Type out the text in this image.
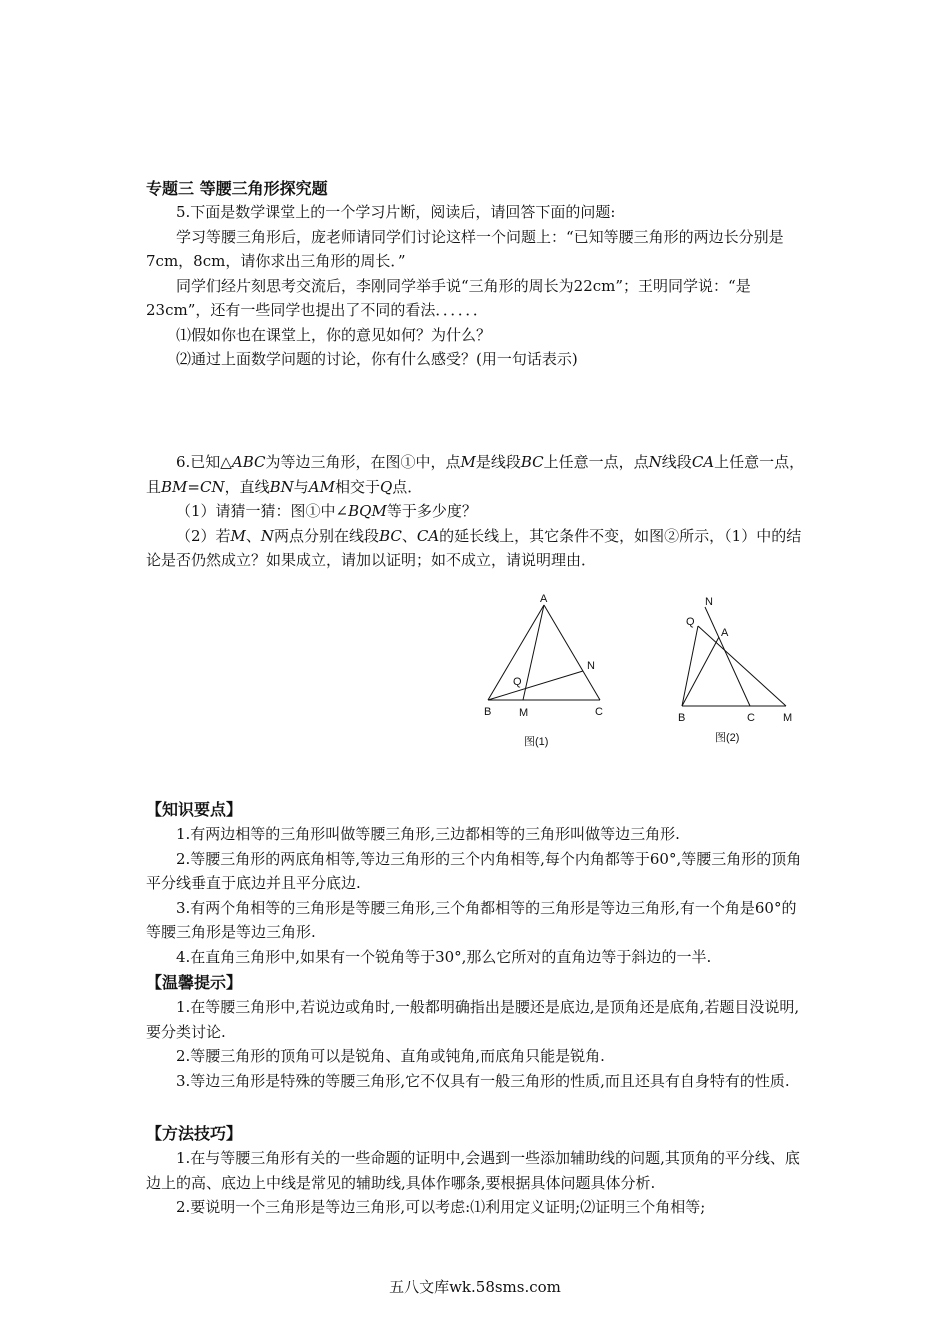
专题三 等腰三角形探究题

5.下面是数学课堂上的一个学习片断，阅读后，请回答下面的问题:

学习等腰三角形后，庞老师请同学们讨论这样一个问题上：“已知等腰三角形的两边长分别是7cm，8cm，请你求出三角形的周长．”

同学们经片刻思考交流后，李刚同学举手说“三角形的周长为22cm”；王明同学说：“是23cm”，还有一些同学也提出了不同的看法．．．．．．

⑴假如你也在课堂上，你的意见如何？为什么？

⑵通过上面数学问题的讨论，你有什么感受？(用一句话表示)

6.已知△ABC为等边三角形，在图①中，点M是线段BC上任意一点，点N线段CA上任意一点，且BM=CN，直线BN与AM相交于Q点．

（1）请猜一猜：图①中∠BQM等于多少度？

（2）若M、N两点分别在线段BC、CA的延长线上，其它条件不变，如图②所示，（1）中的结论是否仍然成立？如果成立，请加以证明；如不成立，请说明理由．

A
B	C
M
N
Q
图(1)
N
Q
A
B	C	M
图(2)
【知识要点】

1.有两边相等的三角形叫做等腰三角形,三边都相等的三角形叫做等边三角形.

2.等腰三角形的两底角相等,等边三角形的三个内角相等,每个内角都等于60°,等腰三角形的顶角平分线垂直于底边并且平分底边.

3.有两个角相等的三角形是等腰三角形,三个角都相等的三角形是等边三角形,有一个角是60°的等腰三角形是等边三角形.

4.在直角三角形中,如果有一个锐角等于30°,那么它所对的直角边等于斜边的一半.

【温馨提示】

1.在等腰三角形中,若说边或角时,一般都明确指出是腰还是底边,是顶角还是底角,若题目没说明,要分类讨论.

2.等腰三角形的顶角可以是锐角、直角或钝角,而底角只能是锐角.

3.等边三角形是特殊的等腰三角形,它不仅具有一般三角形的性质,而且还具有自身特有的性质.

【方法技巧】

1.在与等腰三角形有关的一些命题的证明中,会遇到一些添加辅助线的问题,其顶角的平分线、底边上的高、底边上中线是常见的辅助线,具体作哪条,要根据具体问题具体分析.

2.要说明一个三角形是等边三角形,可以考虑:⑴利用定义证明;⑵证明三个角相等;

五八文库wk.58sms.com
